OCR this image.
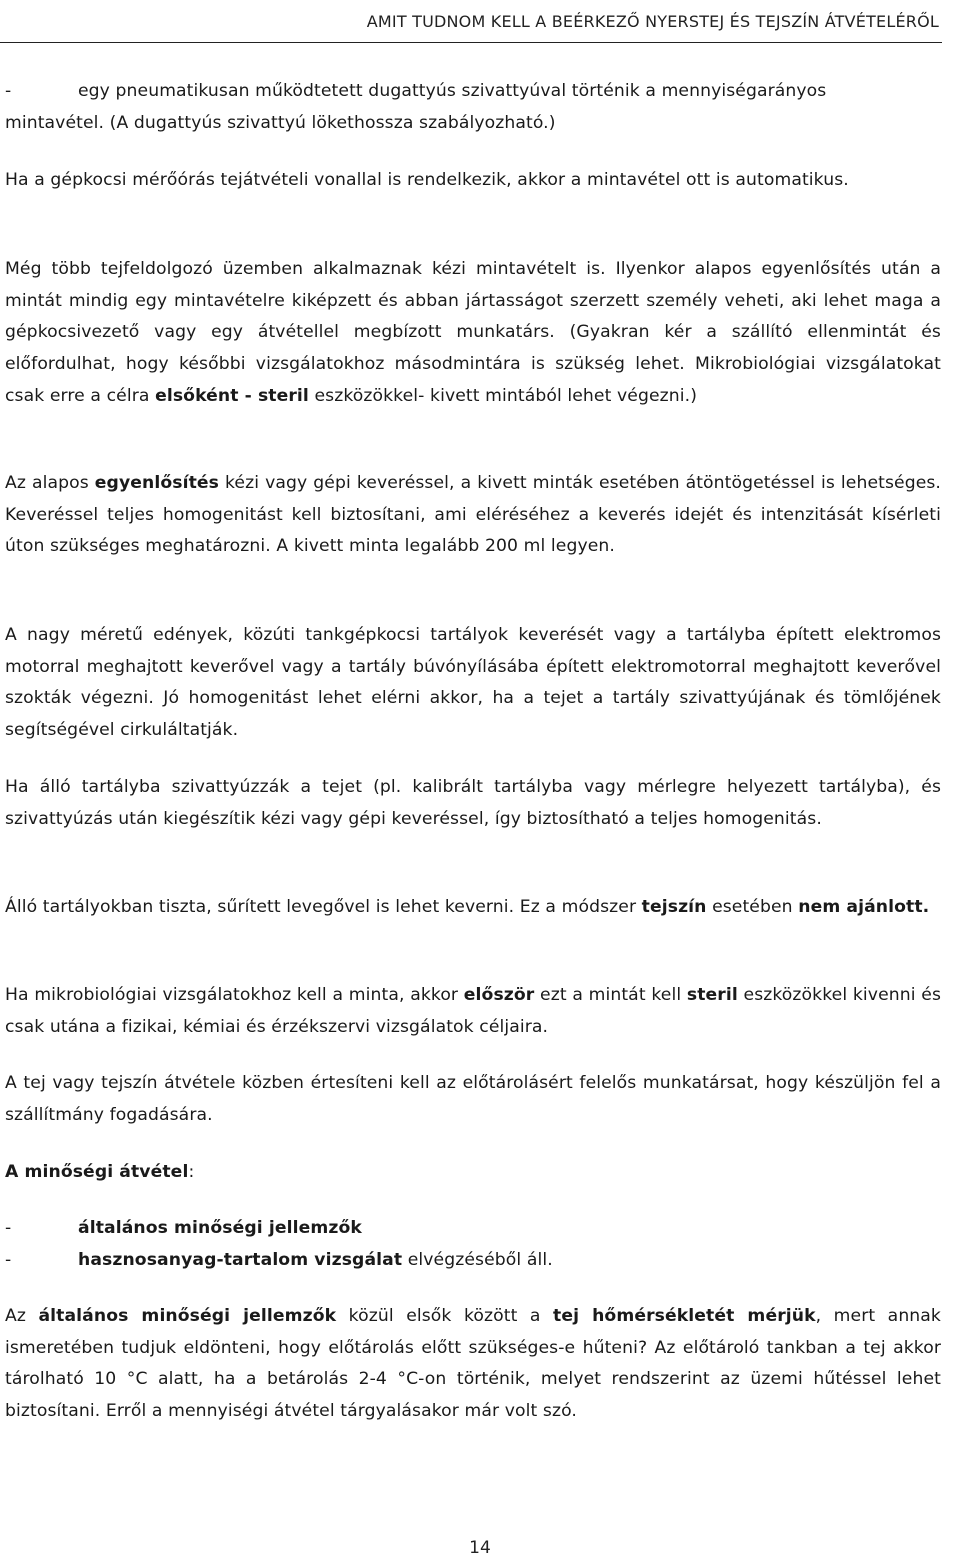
AMIT TUDNOM KELL A BEÉRKEZŐ NYERSTEJ ÉS TEJSZÍN ÁTVÉTELÉRŐL

-	egy pneumatikusan működtetett dugattyús szivattyúval történik a mennyiségarányos

mintavétel. (A dugattyús szivattyú lökethossza szabályozható.)

Ha a gépkocsi mérőórás tejátvételi vonallal is rendelkezik, akkor a mintavétel ott is automatikus.

Még több tejfeldolgozó üzemben alkalmaznak kézi mintavételt is. Ilyenkor alapos egyenlősítés után a mintát mindig egy mintavételre kiképzett és abban jártasságot szerzett személy veheti, aki lehet maga a gépkocsivezető vagy egy átvétellel megbízott munkatárs. (Gyakran kér a szállító ellenmintát és előfordulhat, hogy későbbi vizsgálatokhoz másodmintára is szükség lehet. Mikrobiológiai vizsgálatokat csak erre a célra elsőként - steril eszközökkel- kivett mintából lehet végezni.)

Az alapos egyenlősítés kézi vagy gépi keveréssel, a kivett minták esetében átöntögetéssel is lehetséges. Keveréssel teljes homogenitást kell biztosítani, ami eléréséhez a keverés idejét és intenzitását kísérleti úton szükséges meghatározni. A kivett minta legalább 200 ml legyen.

A nagy méretű edények, közúti tankgépkocsi tartályok keverését vagy a tartályba épített elektromos motorral meghajtott keverővel vagy a tartály búvónyílásába épített elektromotorral meghajtott keverővel szokták végezni. Jó homogenitást lehet elérni akkor, ha a tejet a tartály szivattyújának és tömlőjének segítségével cirkuláltatják.

Ha álló tartályba szivattyúzzák a tejet (pl. kalibrált tartályba vagy mérlegre helyezett tartályba), és szivattyúzás után kiegészítik kézi vagy gépi keveréssel, így biztosítható a teljes homogenitás.

Álló tartályokban tiszta, sűrített levegővel is lehet keverni. Ez a módszer tejszín esetében nem ajánlott.

Ha mikrobiológiai vizsgálatokhoz kell a minta, akkor először ezt a mintát kell steril eszközökkel kivenni és csak utána a fizikai, kémiai és érzékszervi vizsgálatok céljaira.

A tej vagy tejszín átvétele közben értesíteni kell az előtárolásért felelős munkatársat, hogy készüljön fel a szállítmány fogadására.

A minőségi átvétel:

-	általános minőségi jellemzők

-	hasznosanyag-tartalom vizsgálat elvégzéséből áll.

Az általános minőségi jellemzők közül elsők között a tej hőmérsékletét mérjük, mert annak ismeretében tudjuk eldönteni, hogy előtárolás előtt szükséges-e hűteni? Az előtároló tankban a tej akkor tárolható 10 °C alatt, ha a betárolás 2-4 °C-on történik, melyet rendszerint az üzemi hűtéssel lehet biztosítani. Erről a mennyiségi átvétel tárgyalásakor már volt szó.

14
